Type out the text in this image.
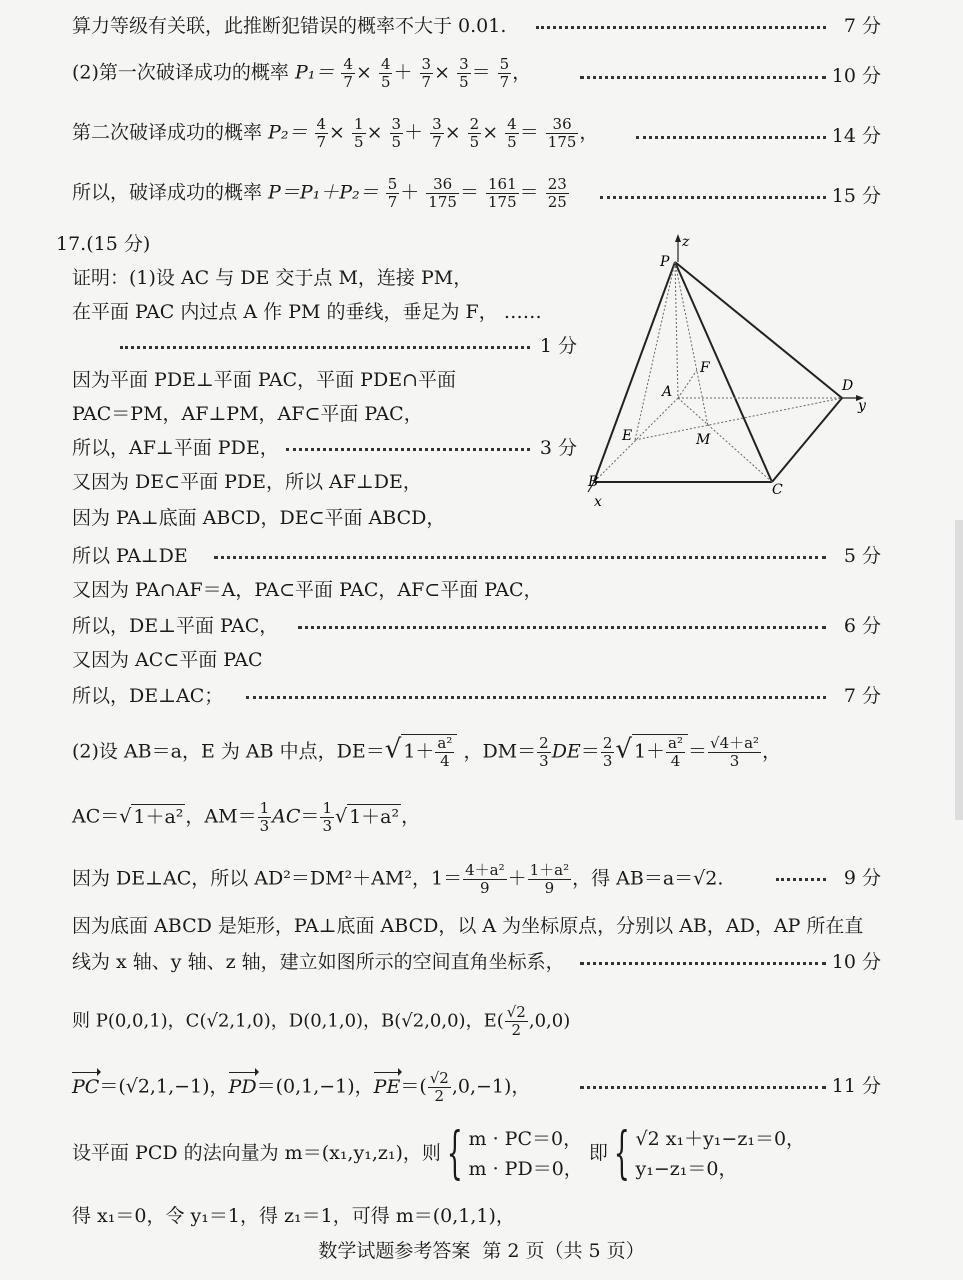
算力等级有关联，此推断犯错误的概率不大于 0.01.	7 分
(2)第一次破译成功的概率 $P_1= \frac{4}{7} \times \frac{4}{5} + \frac{3}{7} \times \frac{3}{5} = \frac{5}{7}$ ，	10 分
第二次破译成功的概率 $P_2= \frac{4}{7} \times \frac{1}{5} \times \frac{3}{5} + \frac{3}{7} \times \frac{2}{5} \times \frac{4}{5} = \frac{36}{175}$ ，	14 分
所以，破译成功的概率 $P=P_1+P_2= \frac{5}{7} + \frac{36}{175} = \frac{161}{175} = \frac{23}{25}$	15 分
17.(15 分)
证明：(1)设 AC 与 DE 交于点 M，连接 PM，
在平面 PAC 内过点 A 作 PM 的垂线，垂足为 F， ……
1 分
因为平面 PDE⊥平面 PAC，平面 PDE∩平面
PAC＝PM，AF⊥PM，AF⊂平面 PAC，
所以，AF⊥平面 PDE，	3 分
又因为 DE⊂平面 PDE，所以 AF⊥DE，
因为 PA⊥底面 ABCD，DE⊂平面 ABCD，
所以 PA⊥DE	5 分
又因为 PA∩AF＝A，PA⊂平面 PAC，AF⊂平面 PAC，
所以，DE⊥平面 PAC，	6 分
又因为 AC⊂平面 PAC
所以，DE⊥AC；	7 分
z
P
F
A	D
y
E	M
B
x
C
(2)设 AB＝a，E 为 AB 中点，DE＝√ $1+ \frac{\text{a²}}{4}$ ，$DM= \frac{2}{3} DE= \frac{2}{3}$ √ $1+ \frac{\text{a²}}{4} = \frac{\text{√4＋a²}}{3}$ ，
AC＝√ 1＋a² ，$AM= \frac{1}{3} AC= \frac{1}{3}$ √ 1＋a² ，
因为 DE⊥AC，所以 AD²＝DM²＋AM²，$1= \frac{\text{4＋a²}}{9} + \frac{\text{1＋a²}}{9}$ ，得 AB＝a＝√2.	9 分
因为底面 ABCD 是矩形，PA⊥底面 ABCD，以 A 为坐标原点，分别以 AB，AD，AP 所在直
线为 x 轴、y 轴、z 轴，建立如图所示的空间直角坐标系，	10 分
则 P(0,0,1)，C(√2,1,0)，D(0,1,0)，B(√2,0,0)，$E( \frac{√2}{2} ,0,0)$
PC＝(√2,1,−1)，PD＝(0,1,−1)，$PE=( \frac{√2}{2} ,0,-1)$，	11 分
设平面 PCD 的法向量为 m＝(x₁,y₁,z₁)，则 { m · PC＝0，
m · PD＝0， 即 { √2 x₁＋y₁−z₁＝0，
y₁−z₁＝0，
得 x₁＝0，令 y₁＝1，得 z₁＝1，可得 m＝(0,1,1)，
数学试题参考答案 第 2 页（共 5 页）
